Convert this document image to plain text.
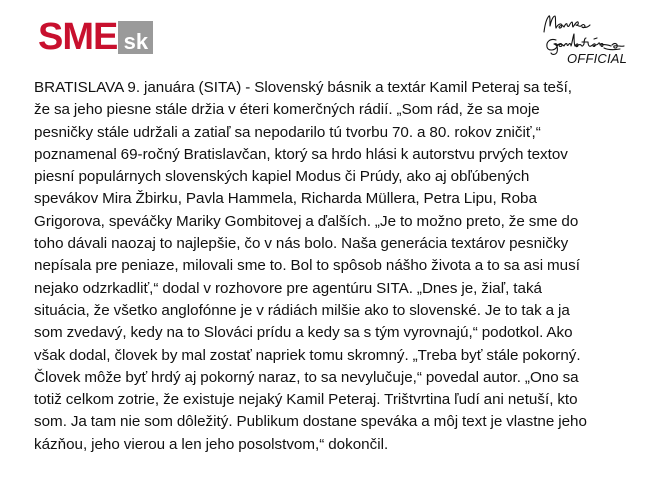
SME sk
OFFICIAL
BRATISLAVA 9. januára (SITA) - Slovenský básnik a textár Kamil Peteraj sa teší,
že sa jeho piesne stále držia v éteri komerčných rádií. „Som rád, že sa moje
pesničky stále udržali a zatiaľ sa nepodarilo tú tvorbu 70. a 80. rokov zničiť,“
poznamenal 69-ročný Bratislavčan, ktorý sa hrdo hlási k autorstvu prvých textov
piesní populárnych slovenských kapiel Modus či Prúdy, ako aj obľúbených
spevákov Mira Žbirku, Pavla Hammela, Richarda Müllera, Petra Lipu, Roba
Grigorova, speváčky Mariky Gombitovej a ďalších. „Je to možno preto, že sme do
toho dávali naozaj to najlepšie, čo v nás bolo. Naša generácia textárov pesničky
nepísala pre peniaze, milovali sme to. Bol to spôsob nášho života a to sa asi musí
nejako odzrkadliť,“ dodal v rozhovore pre agentúru SITA. „Dnes je, žiaľ, taká
situácia, že všetko anglofónne je v rádiách milšie ako to slovenské. Je to tak a ja
som zvedavý, kedy na to Slováci prídu a kedy sa s tým vyrovnajú,“ podotkol. Ako
však dodal, človek by mal zostať napriek tomu skromný. „Treba byť stále pokorný.
Človek môže byť hrdý aj pokorný naraz, to sa nevylučuje,“ povedal autor. „Ono sa
totiž celkom zotrie, že existuje nejaký Kamil Peteraj. Trištvrtina ľudí ani netuší, kto
som. Ja tam nie som dôležitý. Publikum dostane speváka a môj text je vlastne jeho
kázňou, jeho vierou a len jeho posolstvom,“ dokončil.
